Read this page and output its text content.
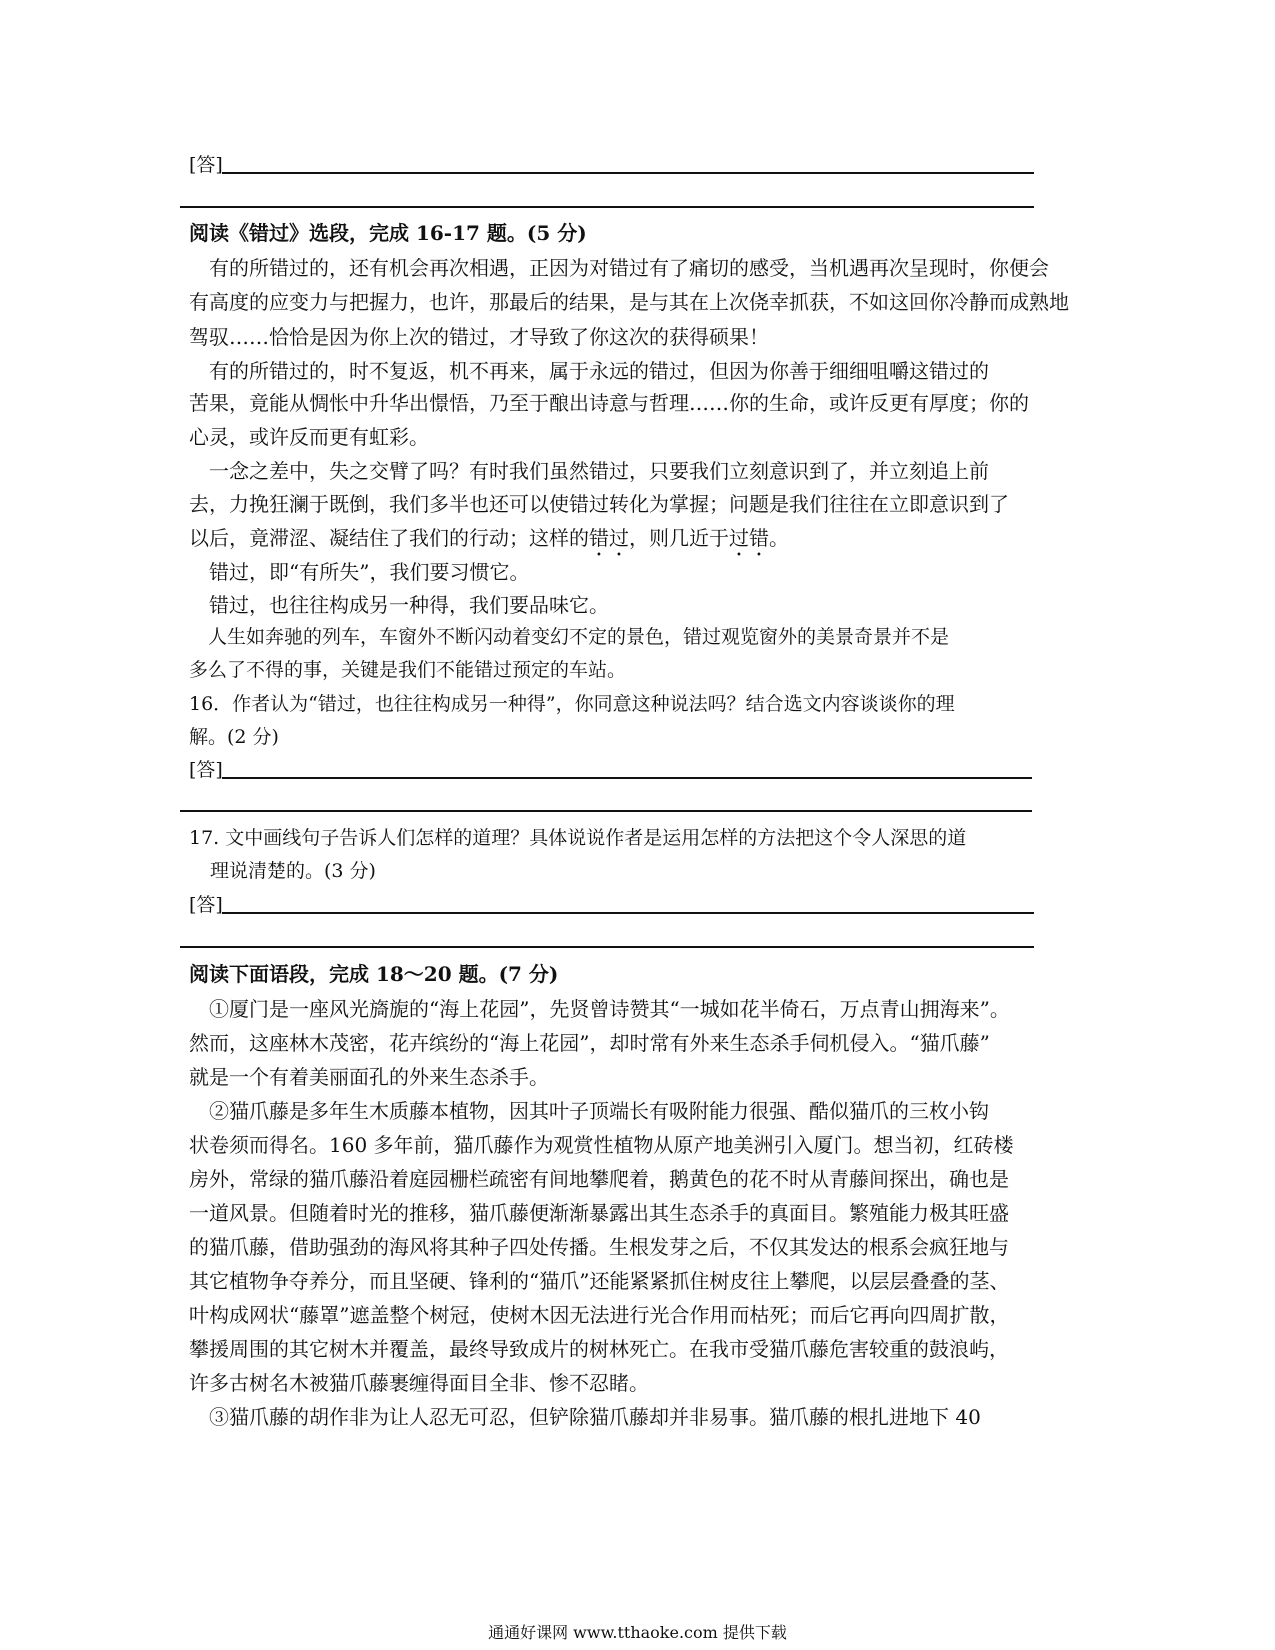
[答]
阅读《错过》选段，完成 16-17 题。(5 分)
　有的所错过的，还有机会再次相遇，正因为对错过有了痛切的感受，当机遇再次呈现时，你便会
有高度的应变力与把握力，也许，那最后的结果，是与其在上次侥幸抓获，不如这回你冷静而成熟地
驾驭……恰恰是因为你上次的错过，才导致了你这次的获得硕果！
　有的所错过的，时不复返，机不再来，属于永远的错过，但因为你善于细细咀嚼这错过的
苦果，竟能从惆怅中升华出憬悟，乃至于酿出诗意与哲理……你的生命，或许反更有厚度；你的
心灵，或许反而更有虹彩。
　一念之差中，失之交臂了吗？有时我们虽然错过，只要我们立刻意识到了，并立刻追上前
去，力挽狂澜于既倒，我们多半也还可以使错过转化为掌握；问题是我们往往在立即意识到了
以后，竟滞涩、凝结住了我们的行动；这样的错过，则几近于过错。
　错过，即“有所失”，我们要习惯它。
　错过，也往往构成另一种得，我们要品味它。
　人生如奔驰的列车，车窗外不断闪动着变幻不定的景色，错过观览窗外的美景奇景并不是
多么了不得的事，关键是我们不能错过预定的车站。
16．作者认为“错过，也往往构成另一种得”，你同意这种说法吗？结合选文内容谈谈你的理
解。(2 分)
[答]
17. 文中画线句子告诉人们怎样的道理？具体说说作者是运用怎样的方法把这个令人深思的道
理说清楚的。(3 分)
[答]
阅读下面语段，完成 18～20 题。(7 分)
　①厦门是一座风光旖旎的“海上花园”，先贤曾诗赞其“一城如花半倚石，万点青山拥海来”。
然而，这座林木茂密，花卉缤纷的“海上花园”，却时常有外来生态杀手伺机侵入。“猫爪藤”
就是一个有着美丽面孔的外来生态杀手。
　②猫爪藤是多年生木质藤本植物，因其叶子顶端长有吸附能力很强、酷似猫爪的三枚小钩
状卷须而得名。160 多年前，猫爪藤作为观赏性植物从原产地美洲引入厦门。想当初，红砖楼
房外，常绿的猫爪藤沿着庭园栅栏疏密有间地攀爬着，鹅黄色的花不时从青藤间探出，确也是
一道风景。但随着时光的推移，猫爪藤便渐渐暴露出其生态杀手的真面目。繁殖能力极其旺盛
的猫爪藤，借助强劲的海风将其种子四处传播。生根发芽之后，不仅其发达的根系会疯狂地与
其它植物争夺养分，而且坚硬、锋利的“猫爪”还能紧紧抓住树皮往上攀爬，以层层叠叠的茎、
叶构成网状“藤罩”遮盖整个树冠，使树木因无法进行光合作用而枯死；而后它再向四周扩散，
攀援周围的其它树木并覆盖，最终导致成片的树林死亡。在我市受猫爪藤危害较重的鼓浪屿，
许多古树名木被猫爪藤裹缠得面目全非、惨不忍睹。
　③猫爪藤的胡作非为让人忍无可忍，但铲除猫爪藤却并非易事。猫爪藤的根扎进地下 40
通通好课网 www.tthaoke.com 提供下载
